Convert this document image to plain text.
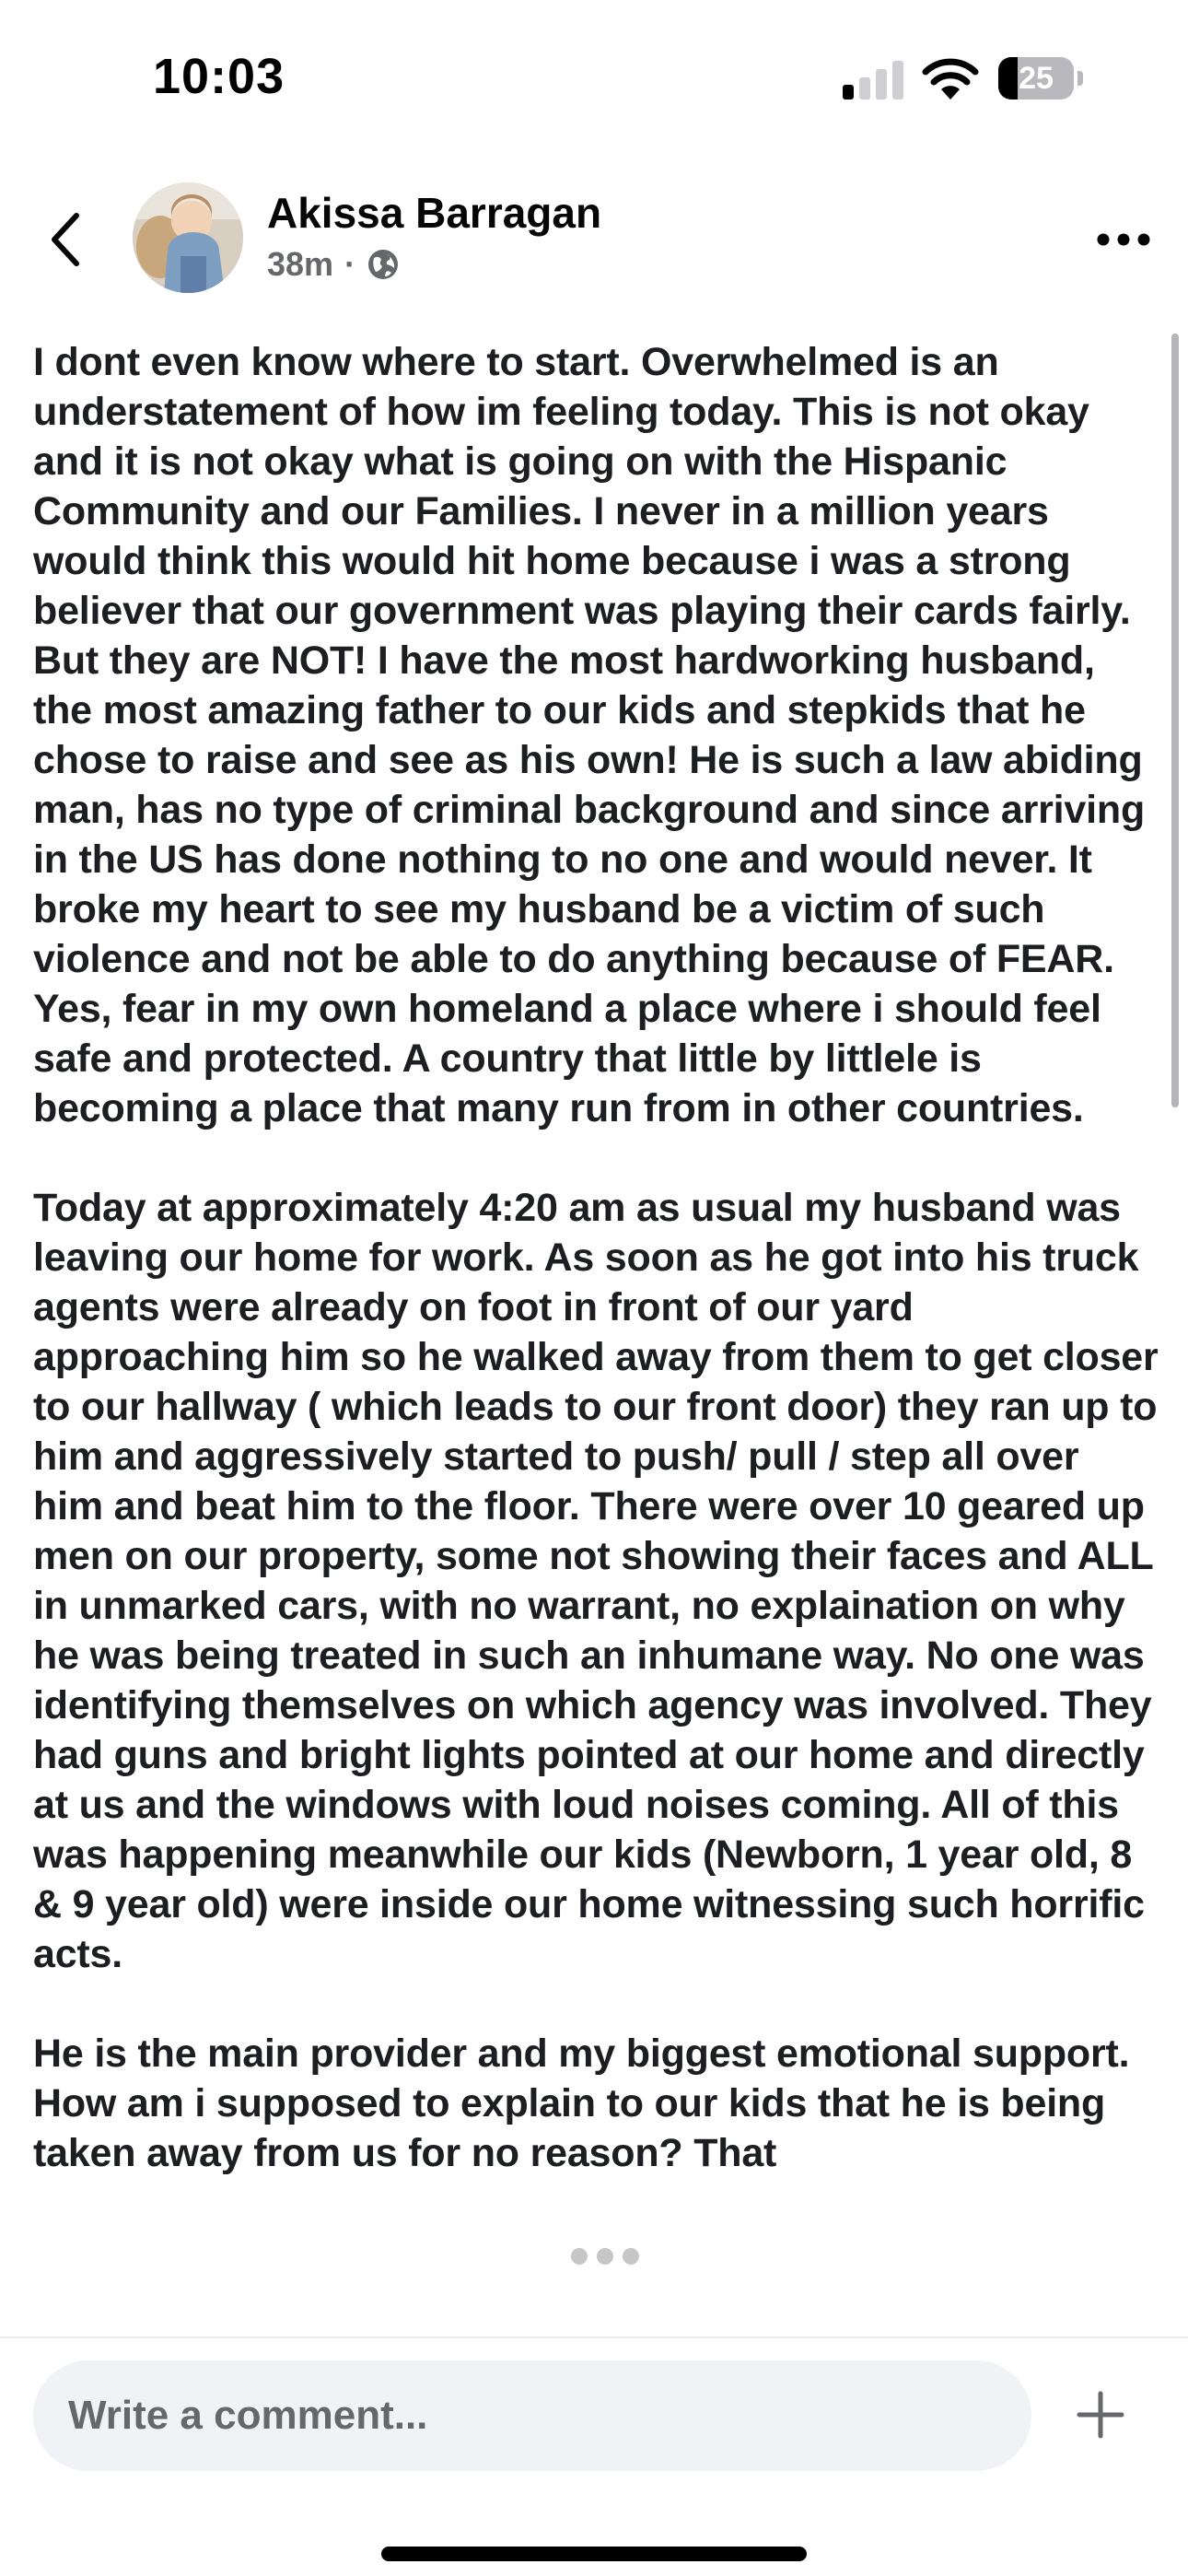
10:03	25
Akissa Barragan
38m ·

I dont even know where to start. Overwhelmed is an understatement of how im feeling today. This is not okay and it is not okay what is going on with the Hispanic Community and our Families. I never in a million years would think this would hit home because i was a strong believer that our government was playing their cards fairly. But they are NOT! I have the most hardworking husband, the most amazing father to our kids and stepkids that he chose to raise and see as his own! He is such a law abiding man, has no type of criminal background and since arriving in the US has done nothing to no one and would never. It broke my heart to see my husband be a victim of such violence and not be able to do anything because of FEAR. Yes, fear in my own homeland a place where i should feel safe and protected. A country that little by littlele is becoming a place that many run from in other countries.

Today at approximately 4:20 am as usual my husband was leaving our home for work. As soon as he got into his truck agents were already on foot in front of our yard approaching him so he walked away from them to get closer to our hallway ( which leads to our front door) they ran up to him and aggressively started to push/ pull / step all over him and beat him to the floor. There were over 10 geared up men on our property, some not showing their faces and ALL in unmarked cars, with no warrant, no explaination on why he was being treated in such an inhumane way. No one was identifying themselves on which agency was involved. They had guns and bright lights pointed at our home and directly at us and the windows with loud noises coming. All of this was happening meanwhile our kids (Newborn, 1 year old, 8 & 9 year old) were inside our home witnessing such horrific acts.

He is the main provider and my biggest emotional support. How am i supposed to explain to our kids that he is being taken away from us for no reason? That

Write a comment...
